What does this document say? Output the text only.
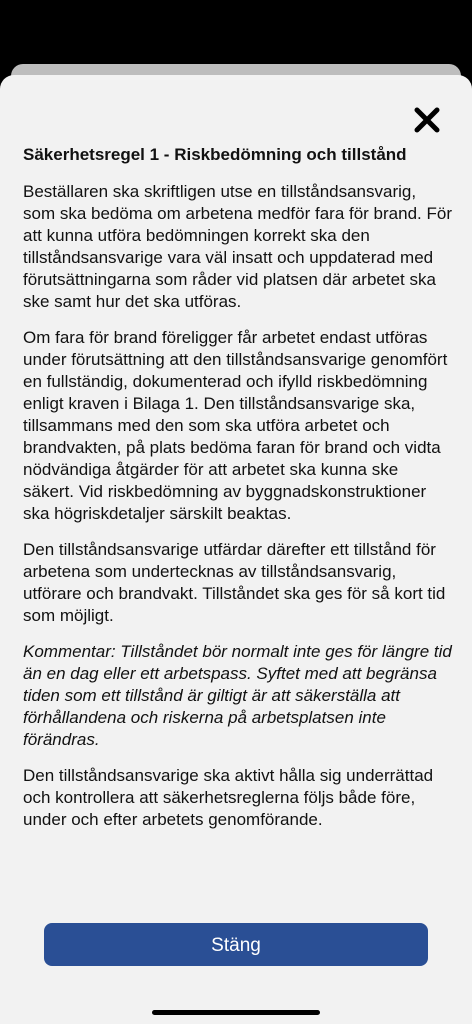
Säkerhetsregel 1 - Riskbedömning och tillstånd

Beställaren ska skriftligen utse en tillståndsansvarig, som ska bedöma om arbetena medför fara för brand. För att kunna utföra bedömningen korrekt ska den tillståndsansvarige vara väl insatt och uppdaterad med förutsättningarna som råder vid platsen där arbetet ska ske samt hur det ska utföras.

Om fara för brand föreligger får arbetet endast utföras under förutsättning att den tillståndsansvarige genomfört en fullständig, dokumenterad och ifylld riskbedömning enligt kraven i Bilaga 1. Den tillståndsansvarige ska, tillsammans med den som ska utföra arbetet och brandvakten, på plats bedöma faran för brand och vidta nödvändiga åtgärder för att arbetet ska kunna ske säkert. Vid riskbedömning av byggnadskonstruktioner ska högriskdetaljer särskilt beaktas.

Den tillståndsansvarige utfärdar därefter ett tillstånd för arbetena som undertecknas av tillståndsansvarig, utförare och brandvakt. Tillståndet ska ges för så kort tid som möjligt.

Kommentar: Tillståndet bör normalt inte ges för längre tid än en dag eller ett arbetspass. Syftet med att begränsa tiden som ett tillstånd är giltigt är att säkerställa att förhållandena och riskerna på arbetsplatsen inte förändras.

Den tillståndsansvarige ska aktivt hålla sig underrättad och kontrollera att säkerhetsreglerna följs både före, under och efter arbetets genomförande.

Stäng
